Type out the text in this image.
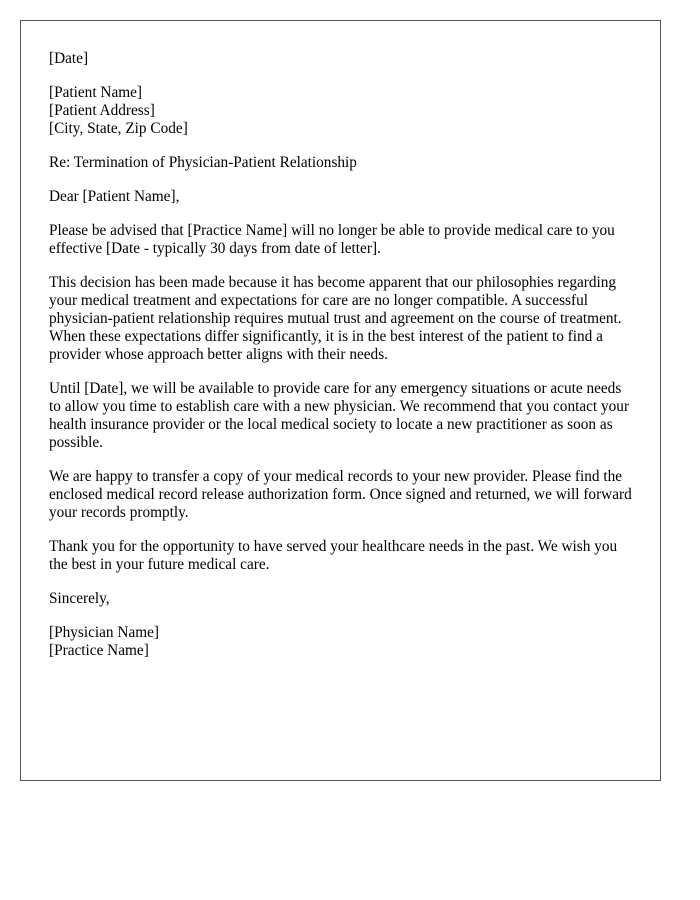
[Date]

[Patient Name]
[Patient Address]
[City, State, Zip Code]

Re: Termination of Physician-Patient Relationship

Dear [Patient Name],

Please be advised that [Practice Name] will no longer be able to provide medical care to you effective [Date - typically 30 days from date of letter].

This decision has been made because it has become apparent that our philosophies regarding your medical treatment and expectations for care are no longer compatible. A successful physician-patient relationship requires mutual trust and agreement on the course of treatment. When these expectations differ significantly, it is in the best interest of the patient to find a provider whose approach better aligns with their needs.

Until [Date], we will be available to provide care for any emergency situations or acute needs to allow you time to establish care with a new physician. We recommend that you contact your health insurance provider or the local medical society to locate a new practitioner as soon as possible.

We are happy to transfer a copy of your medical records to your new provider. Please find the enclosed medical record release authorization form. Once signed and returned, we will forward your records promptly.

Thank you for the opportunity to have served your healthcare needs in the past. We wish you the best in your future medical care.

Sincerely,

[Physician Name]
[Practice Name]
